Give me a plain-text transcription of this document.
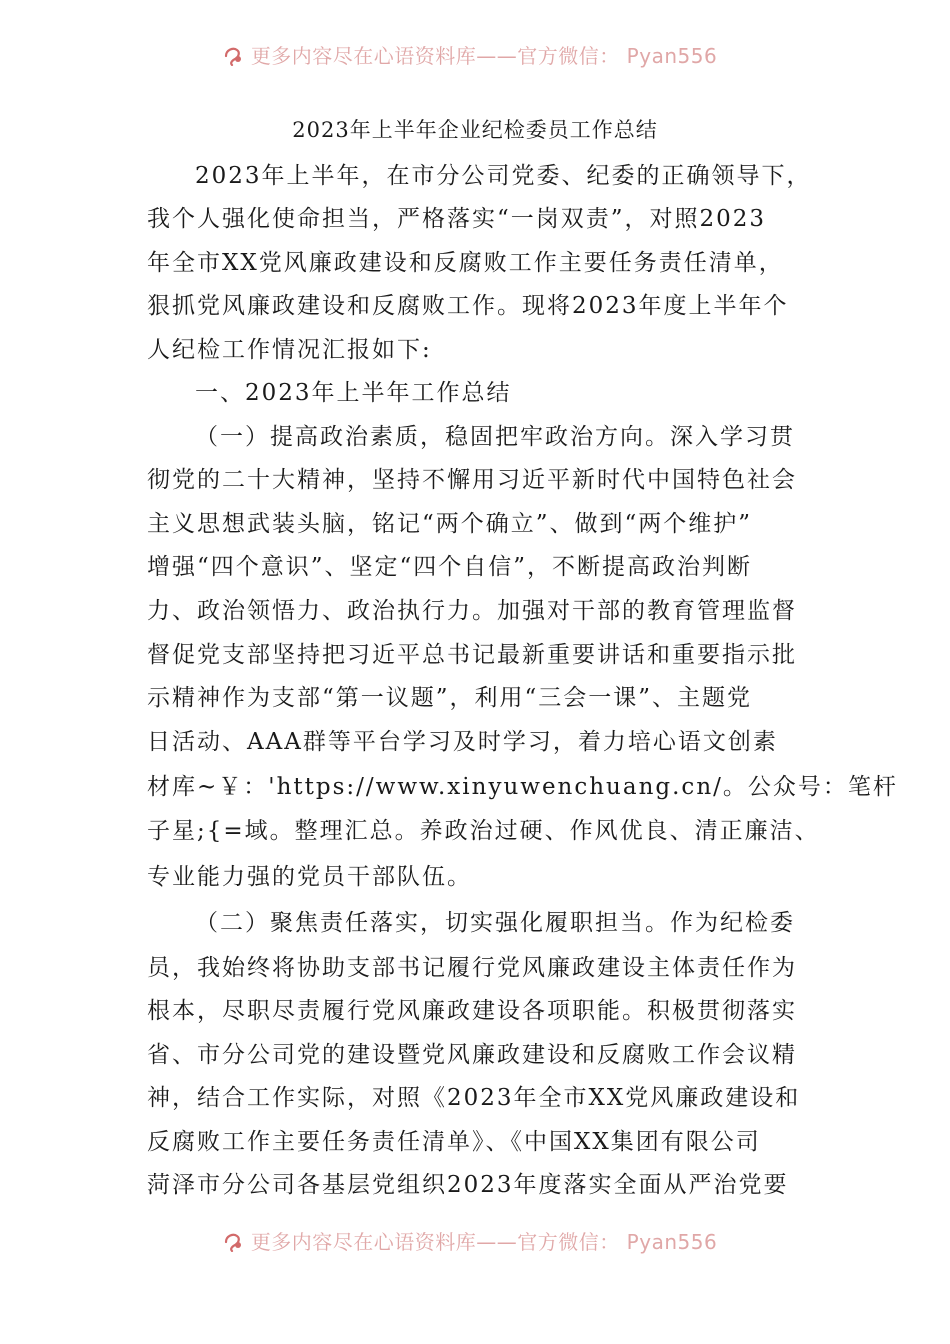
更多内容尽在心语资料库——官方微信： Pyan556
2023年上半年企业纪检委员工作总结
2023年上半年，在市分公司党委、纪委的正确领导下，
我个人强化使命担当，严格落实“一岗双责”，对照2023
年全市XX党风廉政建设和反腐败工作主要任务责任清单，
狠抓党风廉政建设和反腐败工作。现将2023年度上半年个
人纪检工作情况汇报如下:
一、2023年上半年工作总结
（一）提高政治素质，稳固把牢政治方向。深入学习贯
彻党的二十大精神，坚持不懈用习近平新时代中国特色社会
主义思想武装头脑，铭记“两个确立”、做到“两个维护”
增强“四个意识”、坚定“四个自信”，不断提高政治判断
力、政治领悟力、政治执行力。加强对干部的教育管理监督
督促党支部坚持把习近平总书记最新重要讲话和重要指示批
示精神作为支部“第一议题”，利用“三会一课”、主题党
日活动、AAA群等平台学习及时学习，着力培心语文创素
材库~￥：'https://www.xinyuwenchuang.cn/。公众号：笔杆
子星;{=域。整理汇总。养政治过硬、作风优良、清正廉洁、
专业能力强的党员干部队伍。
（二）聚焦责任落实，切实强化履职担当。作为纪检委
员，我始终将协助支部书记履行党风廉政建设主体责任作为
根本，尽职尽责履行党风廉政建设各项职能。积极贯彻落实
省、市分公司党的建设暨党风廉政建设和反腐败工作会议精
神，结合工作实际，对照《2023年全市XX党风廉政建设和
反腐败工作主要任务责任清单》、《中国XX集团有限公司
菏泽市分公司各基层党组织2023年度落实全面从严治党要
更多内容尽在心语资料库——官方微信： Pyan556
